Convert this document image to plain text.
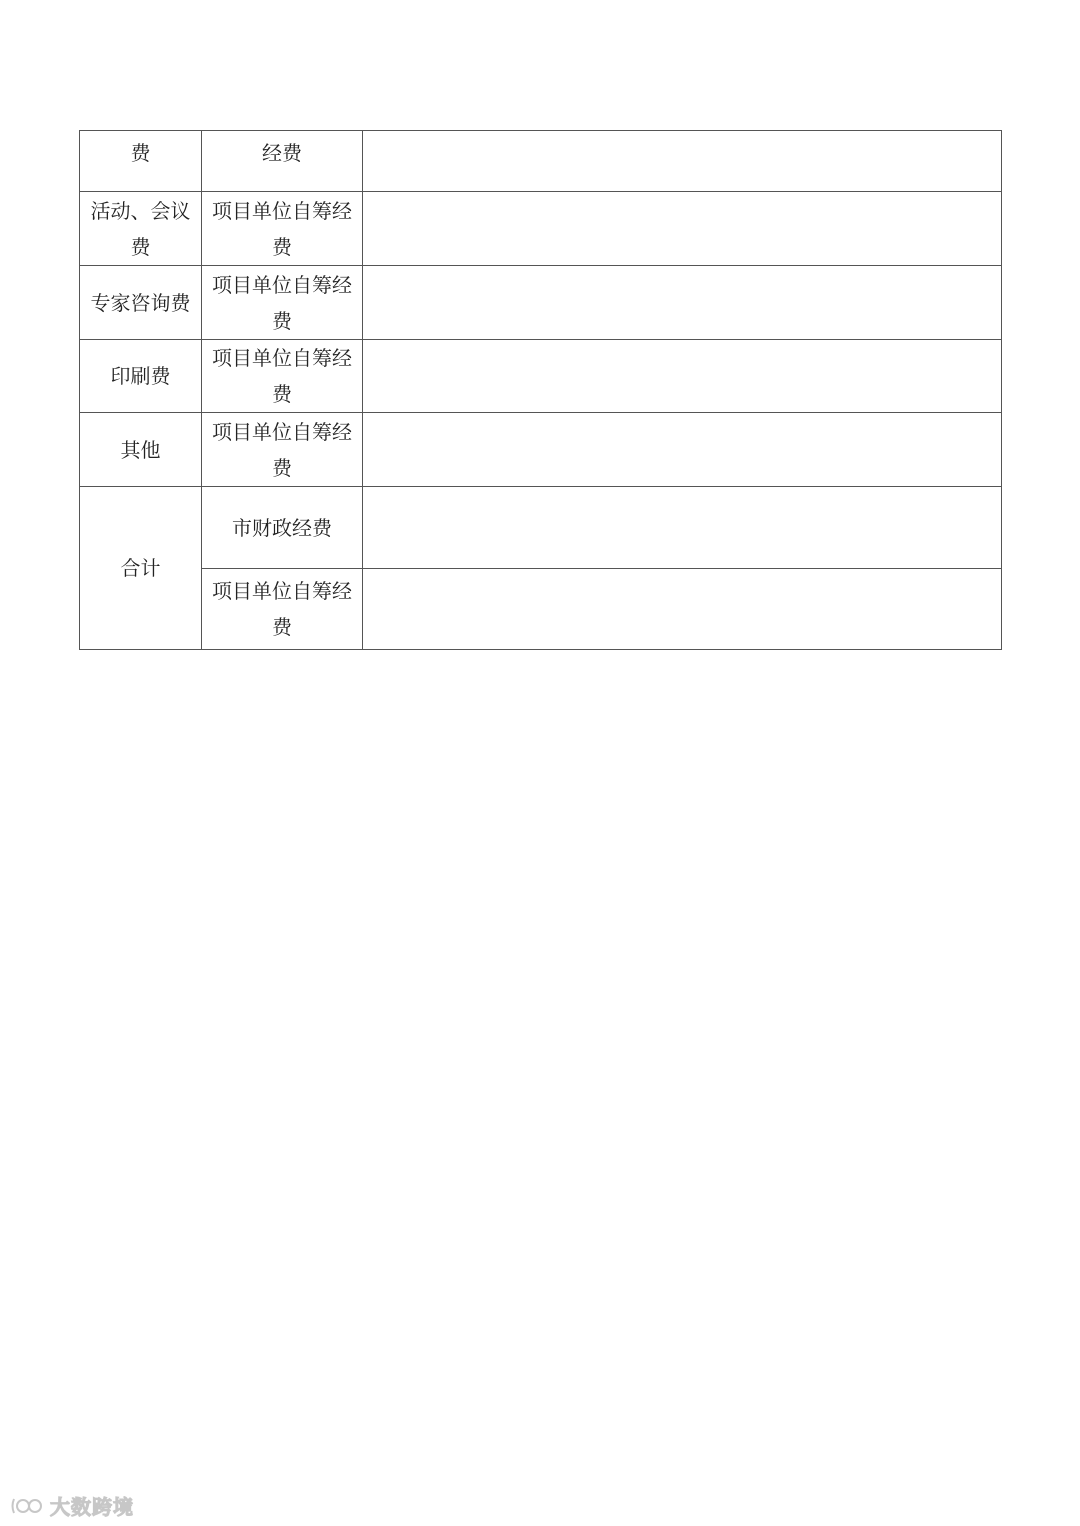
费	经费	
活动、会议费	项目单位自筹经费	
专家咨询费	项目单位自筹经费	
印刷费	项目单位自筹经费	
其他	项目单位自筹经费	
合计	市财政经费	
	项目单位自筹经费	
大数跨境
